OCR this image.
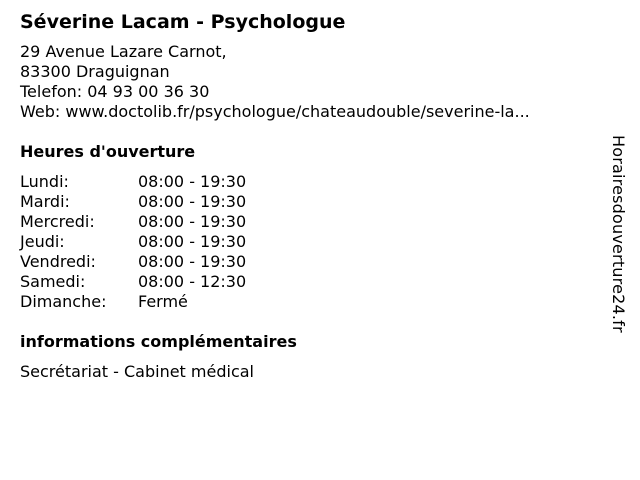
Séverine Lacam - Psychologue
29 Avenue Lazare Carnot,
83300 Draguignan
Telefon: 04 93 00 36 30
Web: www.doctolib.fr/psychologue/chateaudouble/severine-la...
Heures d'ouverture
Lundi:	08:00 - 19:30
Mardi:	08:00 - 19:30
Mercredi:	08:00 - 19:30
Jeudi:	08:00 - 19:30
Vendredi:	08:00 - 19:30
Samedi:	08:00 - 12:30
Dimanche:	Fermé
informations complémentaires
Secrétariat - Cabinet médical
Horairesdouverture24.fr
